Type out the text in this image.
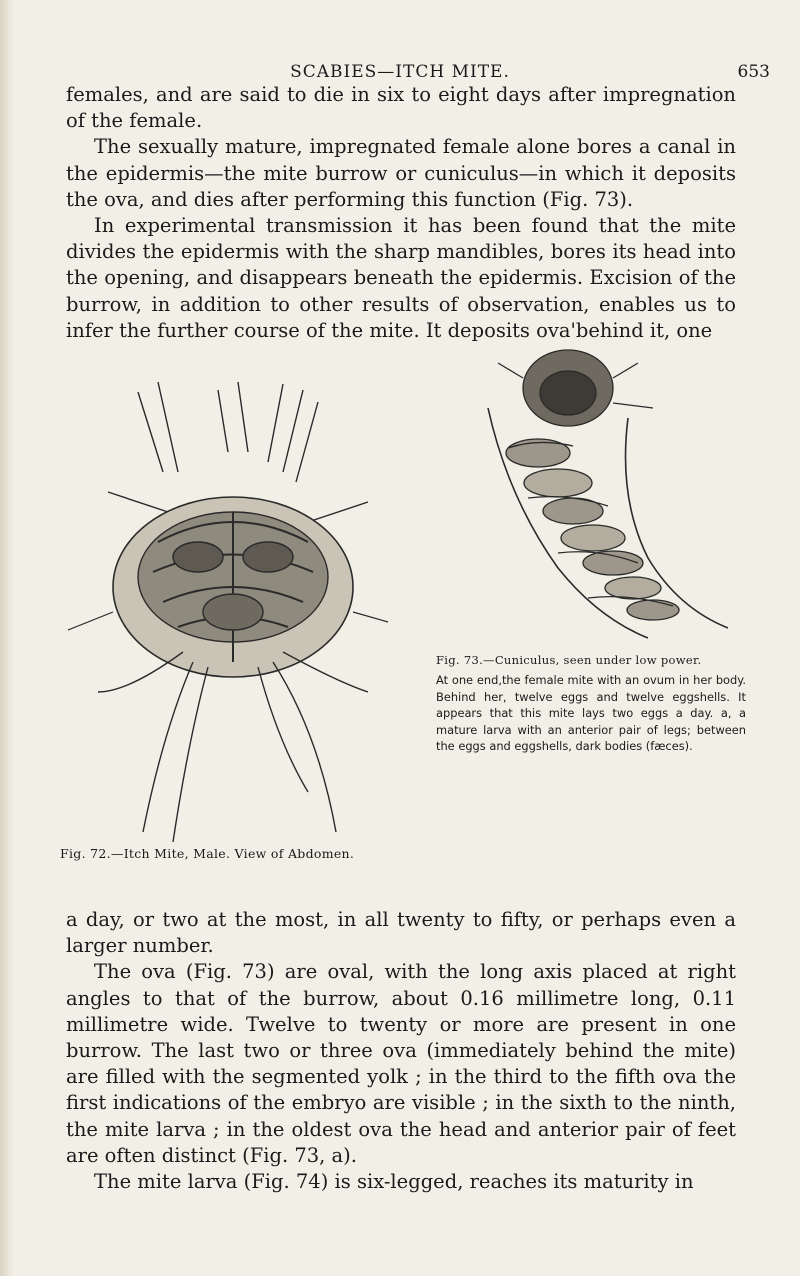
SCABIES—ITCH MITE.	653

females, and are said to die in six to eight days after impregnation of the female.

The sexually mature, impregnated female alone bores a canal in the epidermis—the mite burrow or cuniculus—in which it deposits the ova, and dies after performing this function (Fig. 73).

In experimental transmission it has been found that the mite divides the epidermis with the sharp mandibles, bores its head into the opening, and disappears beneath the epidermis. Excision of the burrow, in addition to other results of observation, enables us to infer the further course of the mite. It deposits ova'behind it, one

Fig. 72.—Itch Mite, Male. View of Abdomen.
Fig. 73.—Cuniculus, seen under low power.
At one end,the female mite with an ovum in her body. Behind her, twelve eggs and twelve eggshells. It appears that this mite lays two eggs a day. a, a mature larva with an anterior pair of legs; between the eggs and eggshells, dark bodies (fæces).

a day, or two at the most, in all twenty to fifty, or perhaps even a larger number.

The ova (Fig. 73) are oval, with the long axis placed at right angles to that of the burrow, about 0.16 millimetre long, 0.11 millimetre wide. Twelve to twenty or more are present in one burrow. The last two or three ova (immediately behind the mite) are filled with the segmented yolk ; in the third to the fifth ova the first indications of the embryo are visible ; in the sixth to the ninth, the mite larva ; in the oldest ova the head and anterior pair of feet are often distinct (Fig. 73, a).

The mite larva (Fig. 74) is six-legged, reaches its maturity in
